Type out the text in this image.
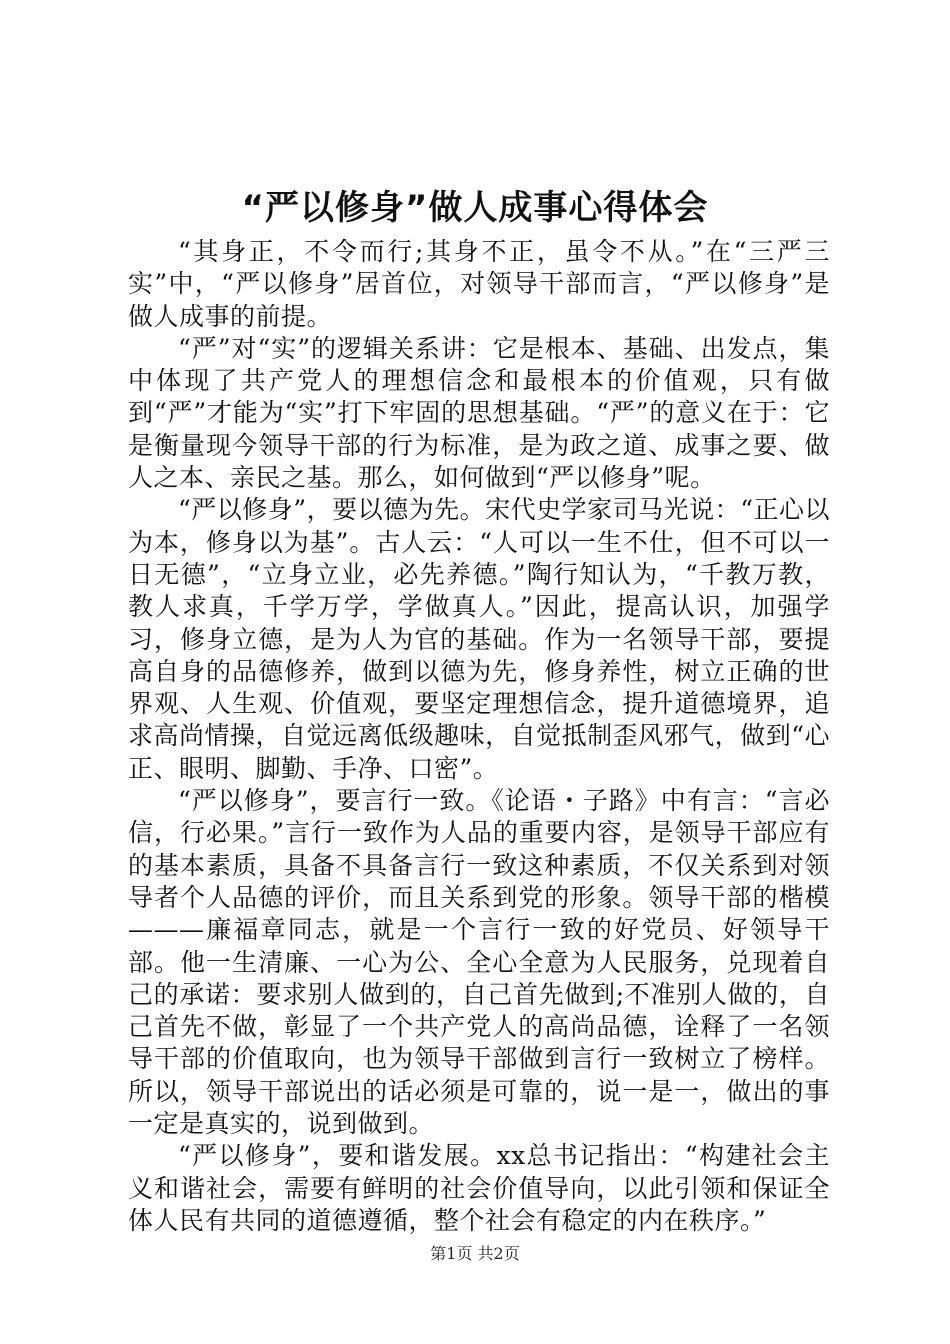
“严以修身”做人成事心得体会

“其身正，不令而行;其身不正，虽令不从。”在“三严三实”中，“严以修身”居首位，对领导干部而言，“严以修身”是做人成事的前提。

“严”对“实”的逻辑关系讲：它是根本、基础、出发点，集中体现了共产党人的理想信念和最根本的价值观，只有做到“严”才能为“实”打下牢固的思想基础。“严”的意义在于：它是衡量现今领导干部的行为标准，是为政之道、成事之要、做人之本、亲民之基。那么，如何做到“严以修身”呢。

“严以修身”，要以德为先。宋代史学家司马光说：“正心以为本，修身以为基”。古人云：“人可以一生不仕，但不可以一日无德”，“立身立业，必先养德。”陶行知认为，“千教万教，教人求真，千学万学，学做真人。”因此，提高认识，加强学习，修身立德，是为人为官的基础。作为一名领导干部，要提高自身的品德修养，做到以德为先，修身养性，树立正确的世界观、人生观、价值观，要坚定理想信念，提升道德境界，追求高尚情操，自觉远离低级趣味，自觉抵制歪风邪气，做到“心正、眼明、脚勤、手净、口密”。

“严以修身”，要言行一致。《论语・子路》中有言：“言必信，行必果。”言行一致作为人品的重要内容，是领导干部应有的基本素质，具备不具备言行一致这种素质，不仅关系到对领导者个人品德的评价，而且关系到党的形象。领导干部的楷模———廉福章同志，就是一个言行一致的好党员、好领导干部。他一生清廉、一心为公、全心全意为人民服务，兑现着自己的承诺：要求别人做到的，自己首先做到;不准别人做的，自己首先不做，彰显了一个共产党人的高尚品德，诠释了一名领导干部的价值取向，也为领导干部做到言行一致树立了榜样。所以，领导干部说出的话必须是可靠的，说一是一，做出的事一定是真实的，说到做到。

“严以修身”，要和谐发展。xx总书记指出：“构建社会主义和谐社会，需要有鲜明的社会价值导向，以此引领和保证全体人民有共同的道德遵循，整个社会有稳定的内在秩序。”

第1页 共2页
